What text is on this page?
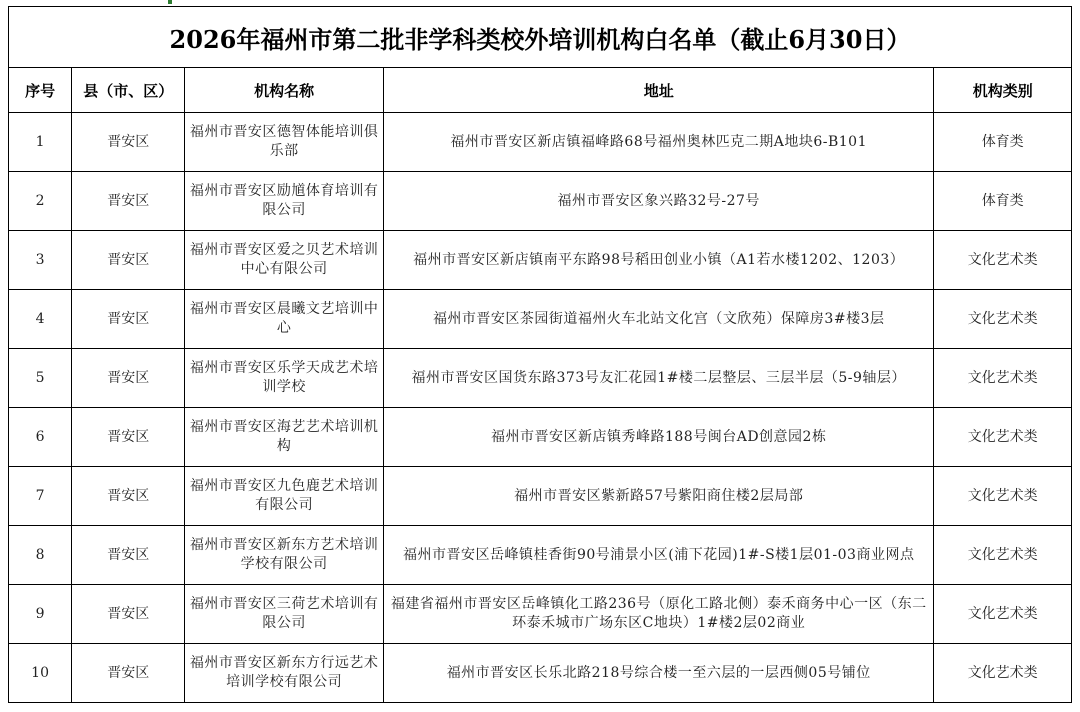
2026年福州市第二批非学科类校外培训机构白名单（截止6月30日）
序号	县（市、区）	机构名称	地址	机构类别
1	晋安区	福州市晋安区德智体能培训俱乐部	福州市晋安区新店镇福峰路68号福州奥林匹克二期A地块6-B101	体育类
2	晋安区	福州市晋安区励馗体育培训有限公司	福州市晋安区象兴路32号-27号	体育类
3	晋安区	福州市晋安区爱之贝艺术培训中心有限公司	福州市晋安区新店镇南平东路98号稻田创业小镇（A1若水楼1202、1203）	文化艺术类
4	晋安区	福州市晋安区晨曦文艺培训中心	福州市晋安区茶园街道福州火车北站文化宫（文欣苑）保障房3#楼3层	文化艺术类
5	晋安区	福州市晋安区乐学天成艺术培训学校	福州市晋安区国货东路373号友汇花园1#楼二层整层、三层半层（5-9轴层）	文化艺术类
6	晋安区	福州市晋安区海艺艺术培训机构	福州市晋安区新店镇秀峰路188号闽台AD创意园2栋	文化艺术类
7	晋安区	福州市晋安区九色鹿艺术培训有限公司	福州市晋安区紫新路57号紫阳商住楼2层局部	文化艺术类
8	晋安区	福州市晋安区新东方艺术培训学校有限公司	福州市晋安区岳峰镇桂香街90号浦景小区(浦下花园)1#-S楼1层01-03商业网点	文化艺术类
9	晋安区	福州市晋安区三荷艺术培训有限公司	福建省福州市晋安区岳峰镇化工路236号（原化工路北侧）泰禾商务中心一区（东二环泰禾城市广场东区C地块）1#楼2层02商业	文化艺术类
10	晋安区	福州市晋安区新东方行远艺术培训学校有限公司	福州市晋安区长乐北路218号综合楼一至六层的一层西侧05号铺位	文化艺术类
